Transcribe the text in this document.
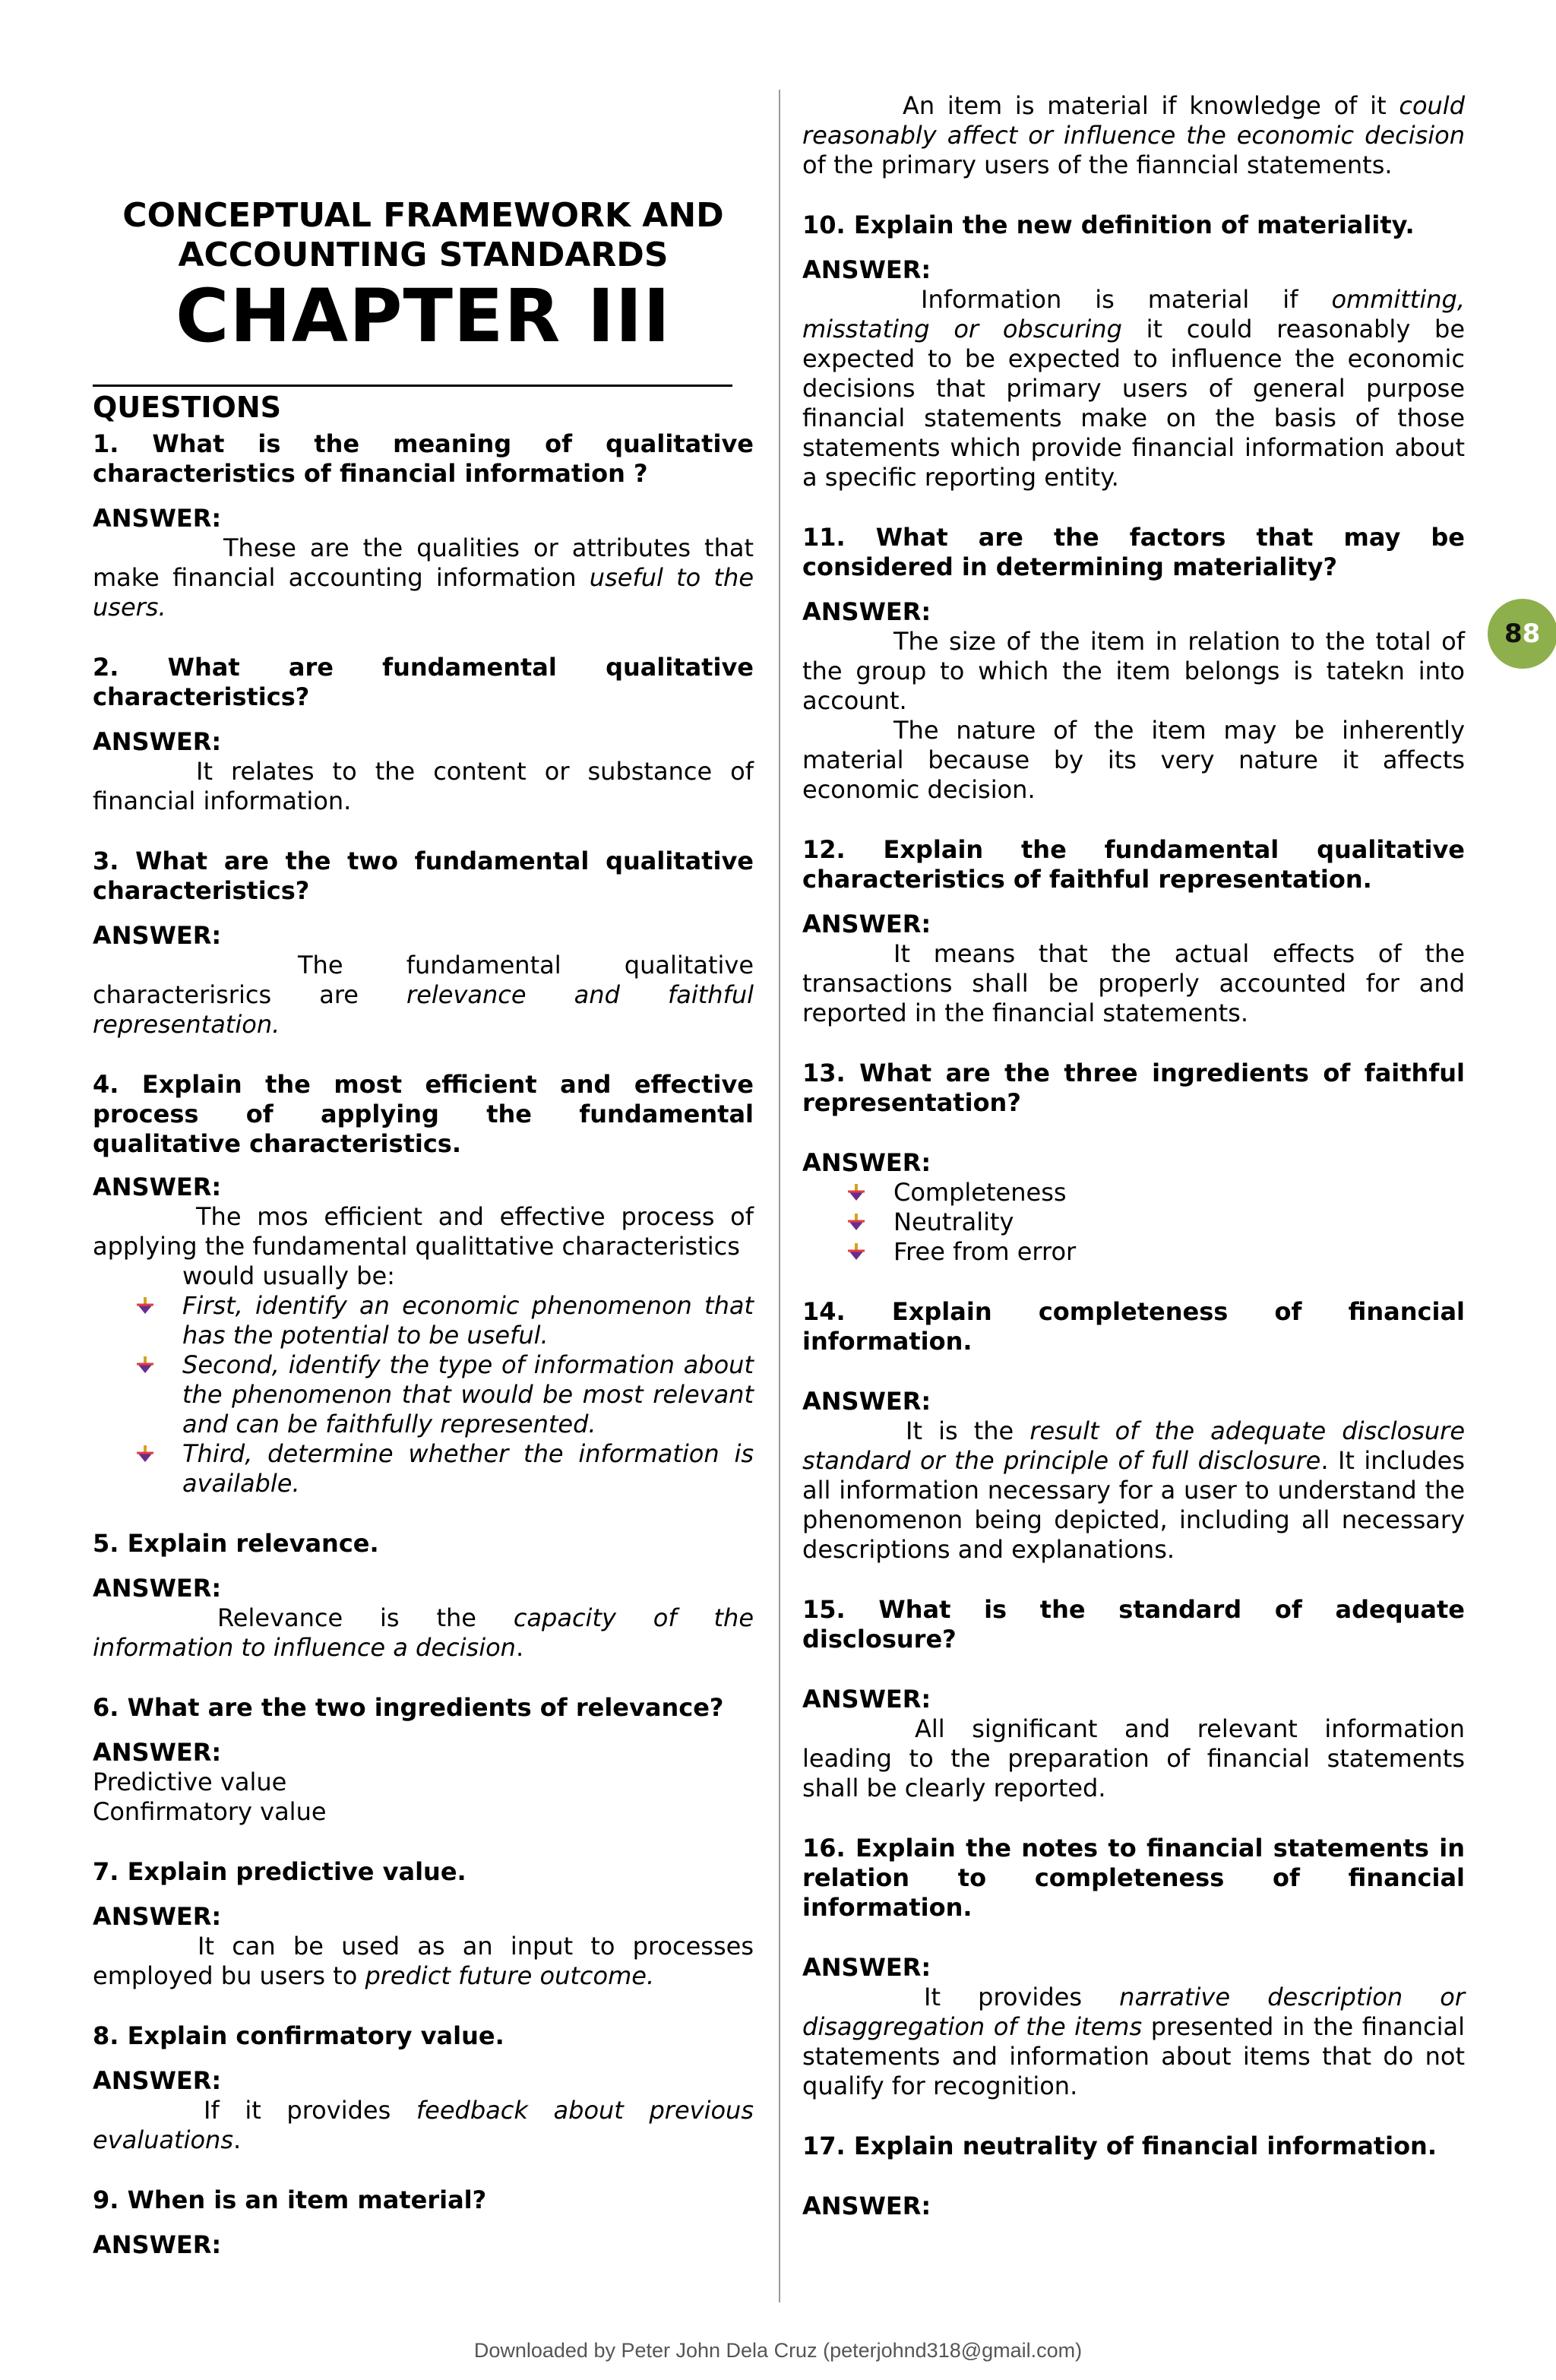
CONCEPTUAL FRAMEWORK AND
ACCOUNTING STANDARDS
CHAPTER III
QUESTIONS
1. What is the meaning of qualitative characteristics of financial information ?
ANSWER:
These are the qualities or attributes that make financial accounting information useful to the users.
2. What are fundamental qualitative characteristics?
ANSWER:
It relates to the content or substance of financial information.
3. What are the two fundamental qualitative characteristics?
ANSWER:
The fundamental qualitative characterisrics are relevance and faithful representation.
4. Explain the most efficient and effective process of applying the fundamental qualitative characteristics.
ANSWER:
The mos efficient and effective process of applying the fundamental qualittative characteristics
would usually be:
First, identify an economic phenomenon that has the potential to be useful.
Second, identify the type of information about the phenomenon that would be most relevant and can be faithfully represented.
Third, determine whether the information is available.
5. Explain relevance.
ANSWER:
Relevance is the capacity of the information to influence a decision.
6. What are the two ingredients of relevance?
ANSWER:
Predictive value
Confirmatory value
7. Explain predictive value.
ANSWER:
It can be used as an input to processes employed bu users to predict future outcome.
8. Explain confirmatory value.
ANSWER:
If it provides feedback about previous evaluations.
9. When is an item material?
ANSWER:
An item is material if knowledge of it could reasonably affect or influence the economic decision of the primary users of the fianncial statements.
10. Explain the new definition of materiality.
ANSWER:
Information is material if ommitting, misstating or obscuring it could reasonably be expected to be expected to influence the economic decisions that primary users of general purpose financial statements make on the basis of those statements which provide financial information about a specific reporting entity.
11. What are the factors that may be considered in determining materiality?
ANSWER:
The size of the item in relation to the total of the group to which the item belongs is tatekn into account.
The nature of the item may be inherently material because by its very nature it affects economic decision.
12. Explain the fundamental qualitative characteristics of faithful representation.
ANSWER:
It means that the actual effects of the transactions shall be properly accounted for and reported in the financial statements.
13. What are the three ingredients of faithful representation?
ANSWER:
Completeness
Neutrality
Free from error
14. Explain completeness of financial information.
ANSWER:
It is the result of the adequate disclosure standard or the principle of full disclosure. It includes all information necessary for a user to understand the phenomenon being depicted, including all necessary descriptions and explanations.
15. What is the standard of adequate disclosure?
ANSWER:
All significant and relevant information leading to the preparation of financial statements shall be clearly reported.
16. Explain the notes to financial statements in relation to completeness of financial information.
ANSWER:
It provides narrative description or disaggregation of the items presented in the financial statements and information about items that do not qualify for recognition.
17. Explain neutrality of financial information.
ANSWER:
8 8
Downloaded by Peter John Dela Cruz (peterjohnd318@gmail.com)
